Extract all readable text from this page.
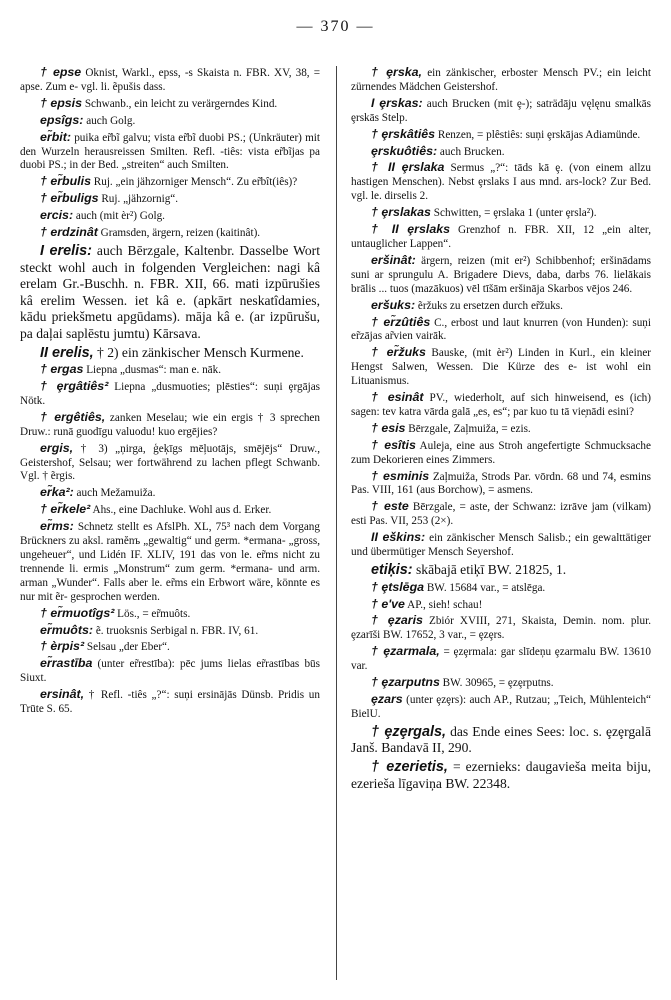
— 370 —

† epse Oknist, Warkl., epss, -s Skaista n. FBR. XV, 38, = apse. Zum e- vgl. li. ẽpušis dass.

† epsis Schwanb., ein leicht zu verärgerndes Kind.

epsîgs: auch Golg.

er̃bit: puika er̃bĩ galvu; vista er̃bĩ duobi PS.; (Unkräuter) mit den Wurzeln herausreissen Smilten. Refl. -tiês: vista er̃bĩjas pa duobi PS.; in der Bed. „streiten“ auch Smilten.

† er̃bulis Ruj. „ein jähzorniger Mensch“. Zu er̃bît(iês)?

† er̃buligs Ruj. „jähzornig“.

ercis: auch (mit èr²) Golg.

† erdzinât Gramsden, ärgern, reizen (kaitinât).

I erelis: auch Bērzgale, Kaltenbr. Dasselbe Wort steckt wohl auch in folgenden Vergleichen: nagi kâ erelam Gr.-Buschh. n. FBR. XII, 66. mati izpūrušies kâ erelim Wessen. iet kâ e. (apkārt neskatîdamies, kādu priekšmetu apgūdams). māja kâ e. (ar izpūrušu, pa daļai saplēstu jumtu) Kārsava.

II erelis, † 2) ein zänkischer Mensch Kurmene.

† ergas Liepna „dusmas“: man e. nāk.

† ȩrgâtiês² Liepna „dusmuoties; plēsties“: suņi ȩrgājas Nötk.

† ergêtiês, zanken Meselau; wie ein ergis † 3 sprechen Druw.: runā guodīgu valuodu! kuo ergējies?

ergis, † 3) „ņirga, ģeķīgs mēļuotājs, smējējs“ Druw., Geistershof, Selsau; wer fortwährend zu lachen pflegt Schwanb. Vgl. † ẽrgis.

er̃ka²: auch Mežamuiža.

† er̃kele² Ahs., eine Dachluke. Wohl aus d. Erker.

er̃ms: Schnetz stellt es AfslPh. XL, 75³ nach dem Vorgang Brückners zu aksl. ramĕnъ „gewaltig“ und germ. *ermana- „gross, ungeheuer“, und Lidén IF. XLIV, 191 das von le. er̃ms nicht zu trennende li. ermis „Monstrum“ zum germ. *ermana- und arm. arman „Wunder“. Falls aber le. er̃ms ein Erbwort wäre, könnte es nur mit ẽr- gesprochen werden.

† er̃muotîgs² Lös., = er̃muôts.

er̃muôts: ẽ. truoksnis Serbigal n. FBR. IV, 61.

† èrpis² Selsau „der Eber“.

er̃rastība (unter er̃restība): pēc jums lielas er̃rastības būs Siuxt.

ersinât, † Refl. -tiês „?“: suņi ersinājās Dünsb. Pridis un Trūte S. 65.

† ȩrska, ein zänkischer, erboster Mensch PV.; ein leicht zürnendes Mädchen Geistershof.

I ȩrskas: auch Brucken (mit ȩ-); saträdāju vęlęnu smalkās ȩrskās Stelp.

† ȩrskâtiês Renzen, = plêstiês: suņi ȩrskājas Adiamünde.

ȩrskuôtiês: auch Brucken.

† II ȩrslaka Sermus „?“: tāds kā ȩ. (von einem allzu hastigen Menschen). Nebst ȩrslaks I aus mnd. ars-lock? Zur Bed. vgl. le. dirselis 2.

† ȩrslakas Schwitten, = ȩrslaka 1 (unter ȩrsla²).

† II ȩrslaks Grenzhof n. FBR. XII, 12 „ein alter, untauglicher Lappen“.

eršinât: ärgern, reizen (mit er²) Schibbenhof; eršinādams suni ar sprungulu A. Brigadere Dievs, daba, darbs 76. lielākais brālis ... tuos (mazākuos) vēl tīšām eršināja Skarbos vējos 246.

eršuks: ẽržuks zu ersetzen durch er̃žuks.

† er̃zûtiês C., erbost und laut knurren (von Hunden): suņi er̃zājas ar̃vien vairāk.

† er̃žuks Bauske, (mit èr²) Linden in Kurl., ein kleiner Hengst Salwen, Wessen. Die Kürze des e- ist wohl ein Lituanismus.

† esinât PV., wiederholt, auf sich hinweisend, es (ich) sagen: tev katra vārda galā „es, es“; par kuo tu tā vie̦nādi esini?

† esis Bērzgale, Zaļmuiža, = ezis.

† esîtis Auleja, eine aus Stroh angefertigte Schmucksache zum Dekorieren eines Zimmers.

† esminis Zaļmuiža, Strods Par. vōrdn. 68 und 74, esmins Pas. VIII, 161 (aus Borchow), = asmens.

† este Bērzgale, = aste, der Schwanz: izrāve jam (vilkam) esti Pas. VII, 253 (2×).

II eškins: ein zänkischer Mensch Salisb.; ein gewalttätiger und übermütiger Mensch Seyershof.

etiķis: skābajā etiķī BW. 21825, 1.

† ȩtslēga BW. 15684 var., = atslēga.

† e've AP., sieh! schau!

† ȩzaris Zbiór XVIII, 271, Skaista, Demin. nom. plur. ȩzarīši BW. 17652, 3 var., = ȩzȩrs.

† ȩzarmala, = ȩzȩrmala: gar slīdeņu ȩzarmalu BW. 13610 var.

† ȩzarputns BW. 30965, = ȩzȩrputns.

ȩzars (unter ȩzȩrs): auch AP., Rutzau; „Teich, Mühlenteich“ BielU.

† ȩzȩrgals, das Ende eines Sees: loc. s. ȩzȩrgalā Janš. Bandavā II, 290.

† ezerietis, = ezernieks: daugavieša meita biju, ezerieša līgaviņa BW. 22348.
